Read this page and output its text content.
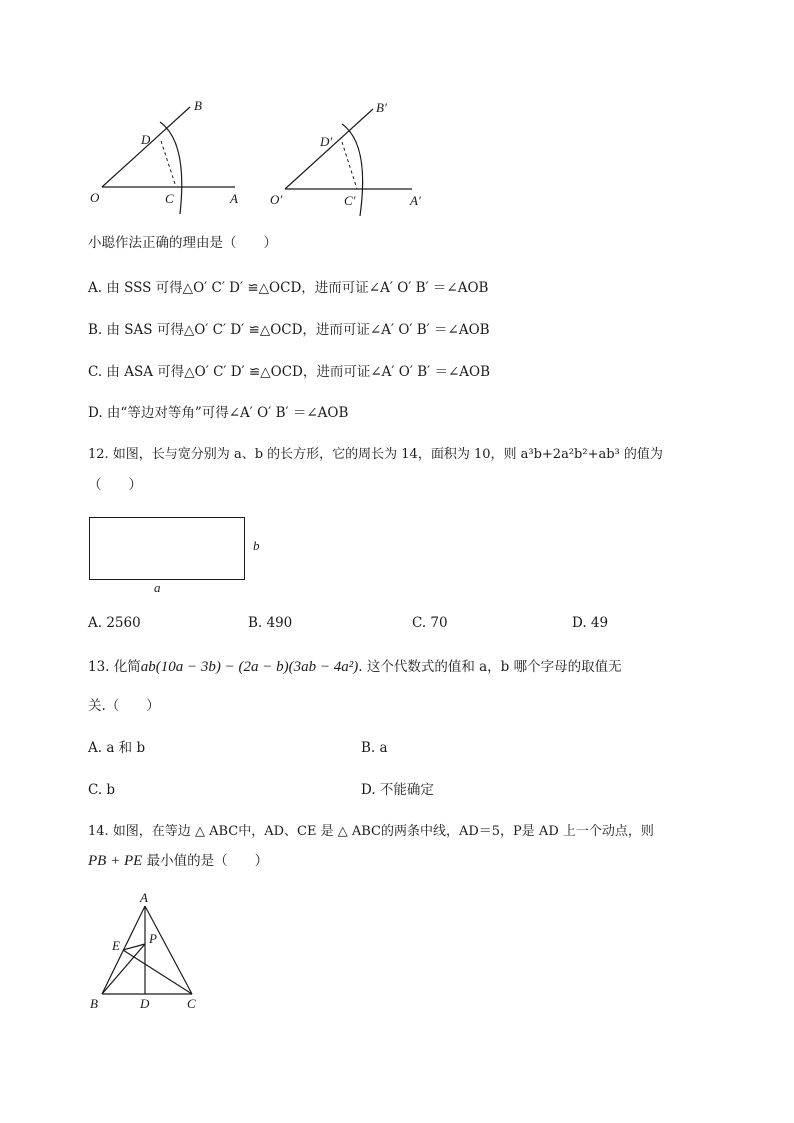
B
D
O	C	A
B′
D′
O′	C′	A′
小聪作法正确的理由是（　　）
A. 由 SSS 可得△O′ C′ D′ ≌△OCD，进而可证∠A′ O′ B′ ＝∠AOB
B. 由 SAS 可得△O′ C′ D′ ≌△OCD，进而可证∠A′ O′ B′ ＝∠AOB
C. 由 ASA 可得△O′ C′ D′ ≌△OCD，进而可证∠A′ O′ B′ ＝∠AOB
D. 由“等边对等角”可得∠A′ O′ B′ ＝∠AOB
12. 如图，长与宽分别为 a、b 的长方形，它的周长为 14，面积为 10，则 a³b+2a²b²+ab³ 的值为
（　　）
b
a
A. 2560	B. 490	C. 70	D. 49
13. 化简ab(10a − 3b) − (2a − b)(3ab − 4a²). 这个代数式的值和 a，b 哪个字母的取值无
关.（　　）
A. a 和 b	B. a
C. b	D. 不能确定
14. 如图，在等边 △ ABC中，AD、CE 是 △ ABC的两条中线，AD＝5，P是 AD 上一个动点，则
PB + PE 最小值的是（　　）
A
E P
B	D	C
